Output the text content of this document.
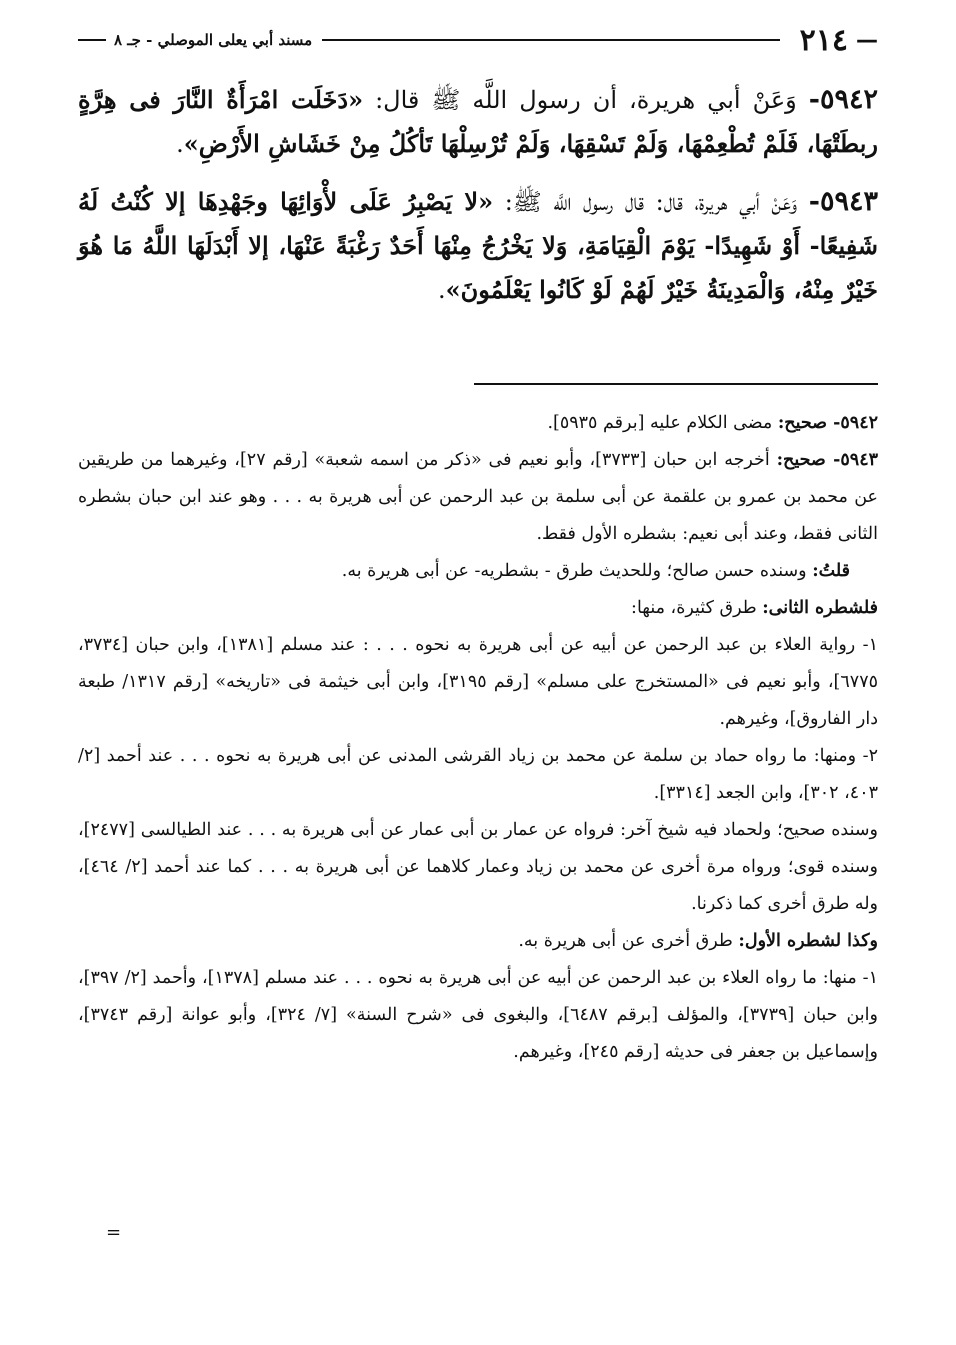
—
٢١٤
مسند أبي يعلى الموصلي - جـ ٨

٥٩٤٢- وَعَنْ أبي هريرة، أن رسول اللَّه ﷺ قال: «دَخَلَت امْرَأَةٌ النَّارَ فى هِرَّةٍ ربطَتْهَا، فَلَمْ تُطْعِمْهَا، وَلَمْ تَسْقِهَا، وَلَمْ تُرْسِلْهَا تَأكُلُ مِنْ خَشَاشِ الأَرْضِ».

٥٩٤٣- وَعَنْ أبي هريرة، قال: قال رسول اللَّه ﷺ: «لا يَصْبِرُ عَلَى لأْوَائِهَا وجَهْدِهَا إلا كُنْتُ لَهُ شَفِيعًا- أَوْ شَهِيدًا- يَوْمَ الْقِيَامَةِ، وَلا يَخْرُجُ مِنْهَا أَحَدٌ رَغْبَةً عَنْهَا، إلا أَبْدَلَهَا اللَّهُ مَا هُوَ خَيْرٌ مِنْهُ، وَالْمَدِينَةُ خَيْرٌ لَهُمْ لَوْ كَانُوا يَعْلَمُونَ».

٥٩٤٢- صحيح: مضى الكلام عليه [برقم ٥٩٣٥].

٥٩٤٣- صحيح: أخرجه ابن حبان [٣٧٣٣]، وأبو نعيم فى «ذكر من اسمه شعبة» [رقم ٢٧]، وغيرهما من طريقين عن محمد بن عمرو بن علقمة عن أبى سلمة بن عبد الرحمن عن أبى هريرة به . . . وهو عند ابن حبان بشطره الثانى فقط، وعند أبى نعيم: بشطره الأول فقط.

قلتُ: وسنده حسن صالح؛ وللحديث طرق - بشطريه- عن أبى هريرة به.

فلشطره الثانى: طرق كثيرة، منها:

١- رواية العلاء بن عبد الرحمن عن أبيه عن أبى هريرة به نحوه . . . : عند مسلم [١٣٨١]، وابن حبان [٣٧٣٤، ٦٧٧٥]، وأبو نعيم فى «المستخرج على مسلم» [رقم ٣١٩٥]، وابن أبى خيثمة فى «تاريخه» [رقم ١٣١٧/ طبعة دار الفاروق]، وغيرهم.

٢- ومنها: ما رواه حماد بن سلمة عن محمد بن زياد القرشى المدنى عن أبى هريرة به نحوه . . . عند أحمد [٢/ ٤٠٣، ٣٠٢]، وابن الجعد [٣٣١٤].

وسنده صحيح؛ ولحماد فيه شيخ آخر: فرواه عن عمار بن أبى عمار عن أبى هريرة به . . . عند الطيالسى [٢٤٧٧]، وسنده قوى؛ ورواه مرة أخرى عن محمد بن زياد وعمار كلاهما عن أبى هريرة به . . . كما عند أحمد [٢/ ٤٦٤]، وله طرق أخرى كما ذكرنا.

وكذا لشطره الأول: طرق أخرى عن أبى هريرة به.

١- منها: ما رواه العلاء بن عبد الرحمن عن أبيه عن أبى هريرة به نحوه . . . عند مسلم [١٣٧٨]، وأحمد [٢/ ٣٩٧]، وابن حبان [٣٧٣٩]، والمؤلف [برقم ٦٤٨٧]، والبغوى فى «شرح السنة» [٧/ ٣٢٤]، وأبو عوانة [رقم ٣٧٤٣]، وإسماعيل بن جعفر فى حديثه [رقم ٢٤٥]، وغيرهم.

=
